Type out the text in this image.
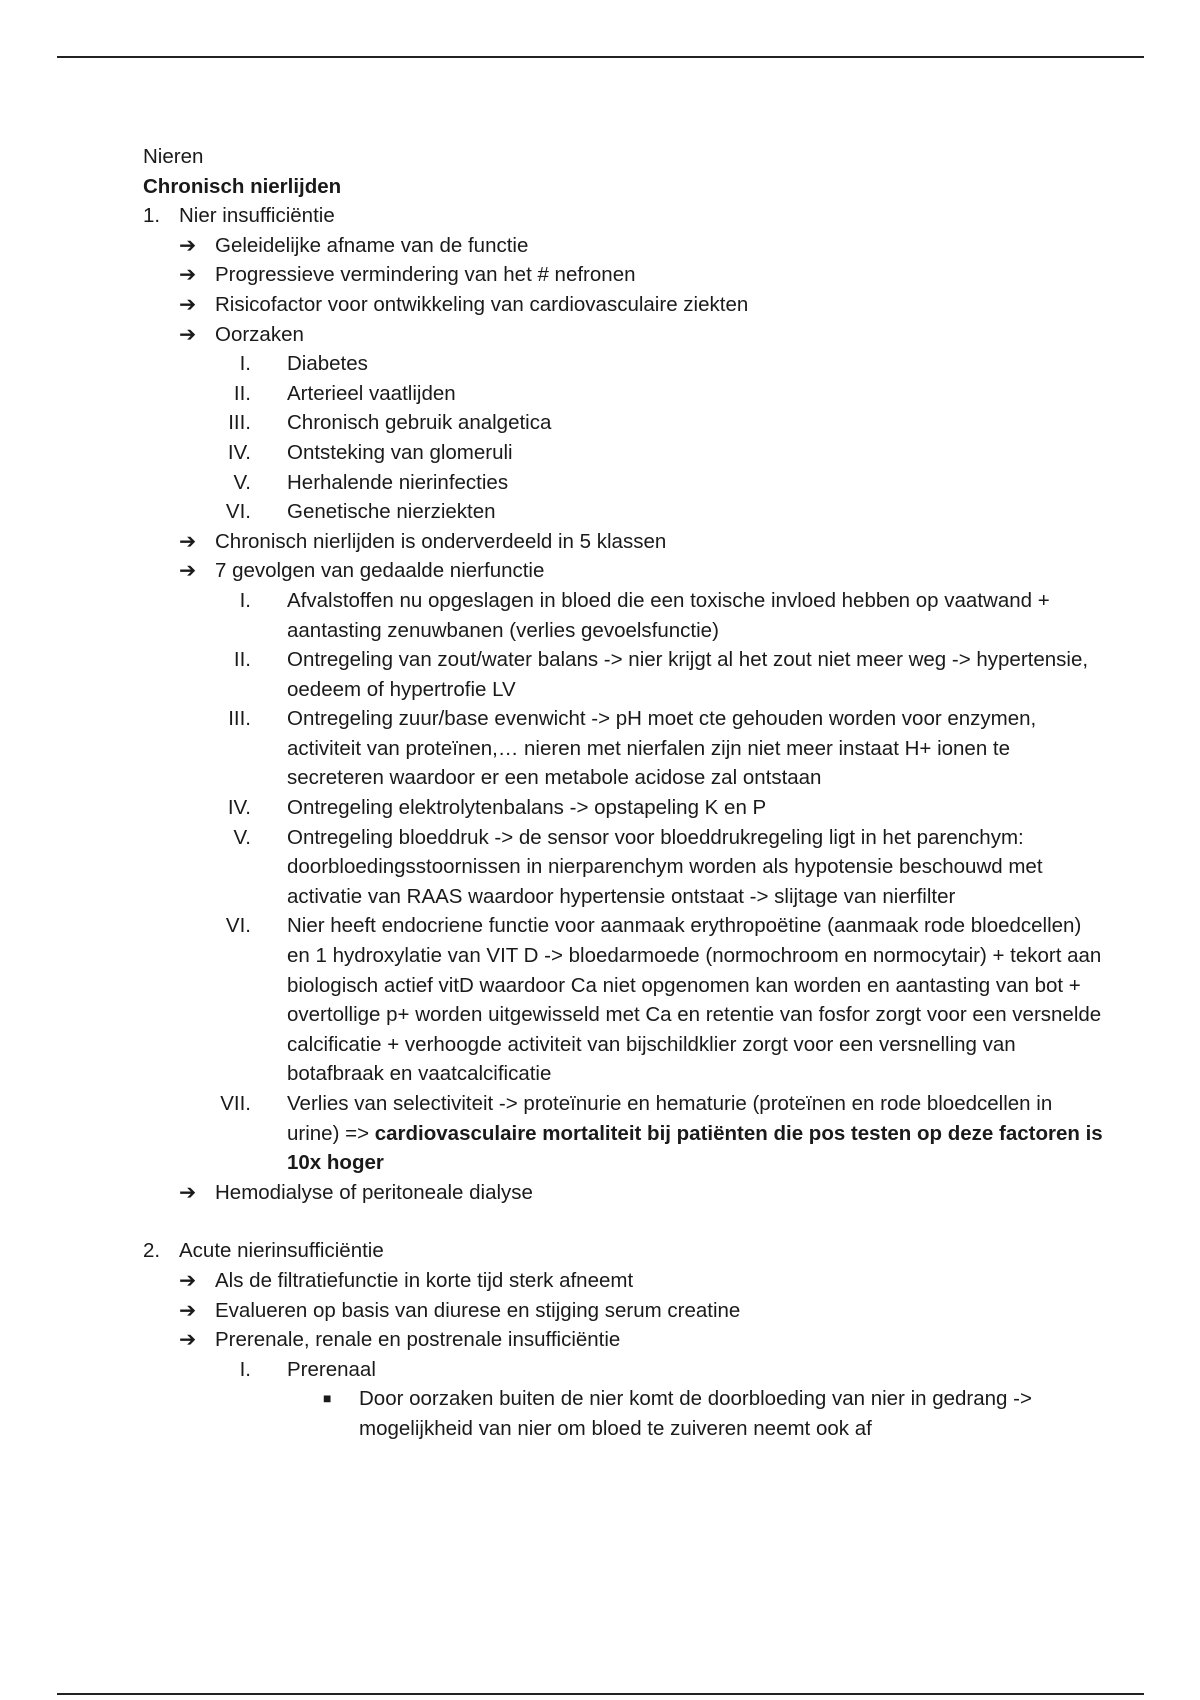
Nieren

Chronisch nierlijden

1. Nier insufficiëntie
➔ Geleidelijke afname van de functie
➔ Progressieve vermindering van het # nefronen
➔ Risicofactor voor ontwikkeling van cardiovasculaire ziekten
➔ Oorzaken
I.	Diabetes
II.	Arterieel vaatlijden
III.	Chronisch gebruik analgetica
IV.	Ontsteking van glomeruli
V.	Herhalende nierinfecties
VI.	Genetische nierziekten
➔ Chronisch nierlijden is onderverdeeld in 5 klassen
➔ 7 gevolgen van gedaalde nierfunctie
I.	Afvalstoffen nu opgeslagen in bloed die een toxische invloed hebben op vaatwand + aantasting zenuwbanen (verlies gevoelsfunctie)
II.	Ontregeling van zout/water balans -> nier krijgt al het zout niet meer weg -> hypertensie, oedeem of hypertrofie LV
III.	Ontregeling zuur/base evenwicht -> pH moet cte gehouden worden voor enzymen, activiteit van proteïnen,… nieren met nierfalen zijn niet meer instaat H+ ionen te secreteren waardoor er een metabole acidose zal ontstaan
IV.	Ontregeling elektrolytenbalans -> opstapeling K en P
V.	Ontregeling bloeddruk -> de sensor voor bloeddrukregeling ligt in het parenchym: doorbloedingsstoornissen in nierparenchym worden als hypotensie beschouwd met activatie van RAAS waardoor hypertensie ontstaat -> slijtage van nierfilter
VI.	Nier heeft endocriene functie voor aanmaak erythropoëtine (aanmaak rode bloedcellen) en 1 hydroxylatie van VIT D -> bloedarmoede (normochroom en normocytair) + tekort aan biologisch actief vitD waardoor Ca niet opgenomen kan worden en aantasting van bot + overtollige p+ worden uitgewisseld met Ca en retentie van fosfor zorgt voor een versnelde calcificatie + verhoogde activiteit van bijschildklier zorgt voor een versnelling van botafbraak en vaatcalcificatie
VII.	Verlies van selectiviteit -> proteïnurie en hematurie (proteïnen en rode bloedcellen in urine) => cardiovasculaire mortaliteit bij patiënten die pos testen op deze factoren is 10x hoger
➔ Hemodialyse of peritoneale dialyse
2. Acute nierinsufficiëntie
➔ Als de filtratiefunctie in korte tijd sterk afneemt
➔ Evalueren op basis van diurese en stijging serum creatine
➔ Prerenale, renale en postrenale insufficiëntie
I.	Prerenaal
■	Door oorzaken buiten de nier komt de doorbloeding van nier in gedrang -> mogelijkheid van nier om bloed te zuiveren neemt ook af
